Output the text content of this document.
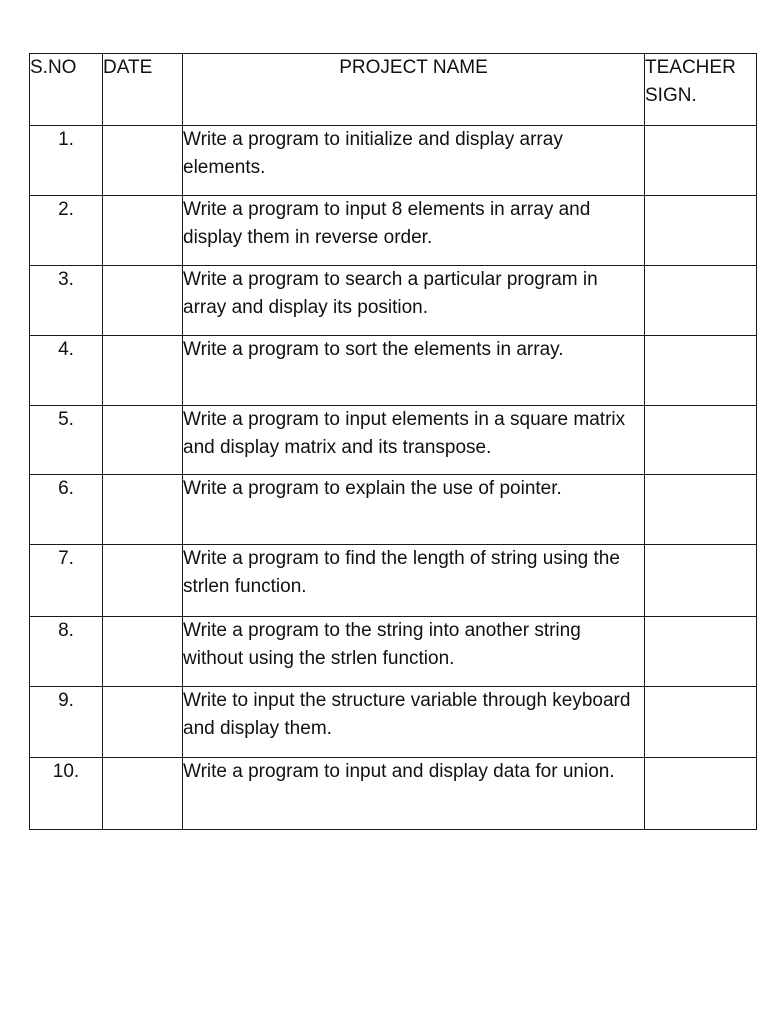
S.NO	DATE	PROJECT NAME	TEACHER
SIGN.
1.		Write a program to initialize and display array elements.	
2.		Write a program to input 8 elements in array and display them in reverse order.	
3.		Write a program to search a particular program in array and display its position.	
4.		Write a program to sort the elements in array.	
5.		Write a program to input elements in a square matrix and display matrix and its transpose.	
6.		Write a program to explain the use of pointer.	
7.		Write a program to find the length of string using the strlen function.	
8.		Write a program to the string into another string without using the strlen function.	
9.		Write to input the structure variable through keyboard and display them.	
10.		Write a program to input and display data for union.	
